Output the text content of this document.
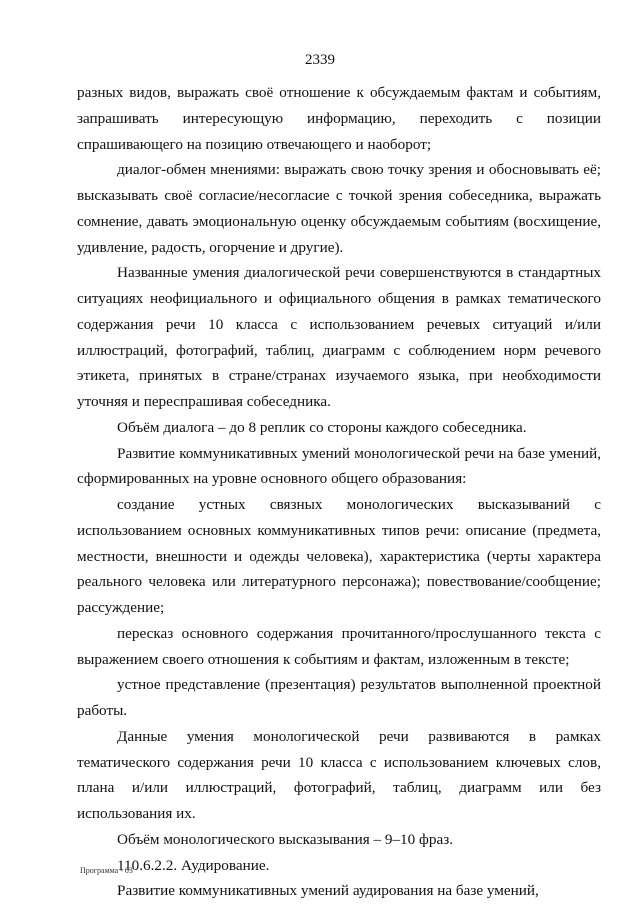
2339

разных видов, выражать своё отношение к обсуждаемым фактам и событиям, запрашивать интересующую информацию, переходить с позиции спрашивающего на позицию отвечающего и наоборот;

диалог-обмен мнениями: выражать свою точку зрения и обосновывать её; высказывать своё согласие/несогласие с точкой зрения собеседника, выражать сомнение, давать эмоциональную оценку обсуждаемым событиям (восхищение, удивление, радость, огорчение и другие).

Названные умения диалогической речи совершенствуются в стандартных ситуациях неофициального и официального общения в рамках тематического содержания речи 10 класса с использованием речевых ситуаций и/или иллюстраций, фотографий, таблиц, диаграмм с соблюдением норм речевого этикета, принятых в стране/странах изучаемого языка, при необходимости уточняя и переспрашивая собеседника.

Объём диалога – до 8 реплик со стороны каждого собеседника.

Развитие коммуникативных умений монологической речи на базе умений, сформированных на уровне основного общего образования:

создание устных связных монологических высказываний с использованием основных коммуникативных типов речи: описание (предмета, местности, внешности и одежды человека), характеристика (черты характера реального человека или литературного персонажа); повествование/сообщение; рассуждение;

пересказ основного содержания прочитанного/прослушанного текста с выражением своего отношения к событиям и фактам, изложенным в тексте;

устное представление (презентация) результатов выполненной проектной работы.

Данные умения монологической речи развиваются в рамках тематического содержания речи 10 класса с использованием ключевых слов, плана и/или иллюстраций, фотографий, таблиц, диаграмм или без использования их.

Объём монологического высказывания – 9–10 фраз.

110.6.2.2. Аудирование.

Развитие коммуникативных умений аудирования на базе умений,

Программа - 03
